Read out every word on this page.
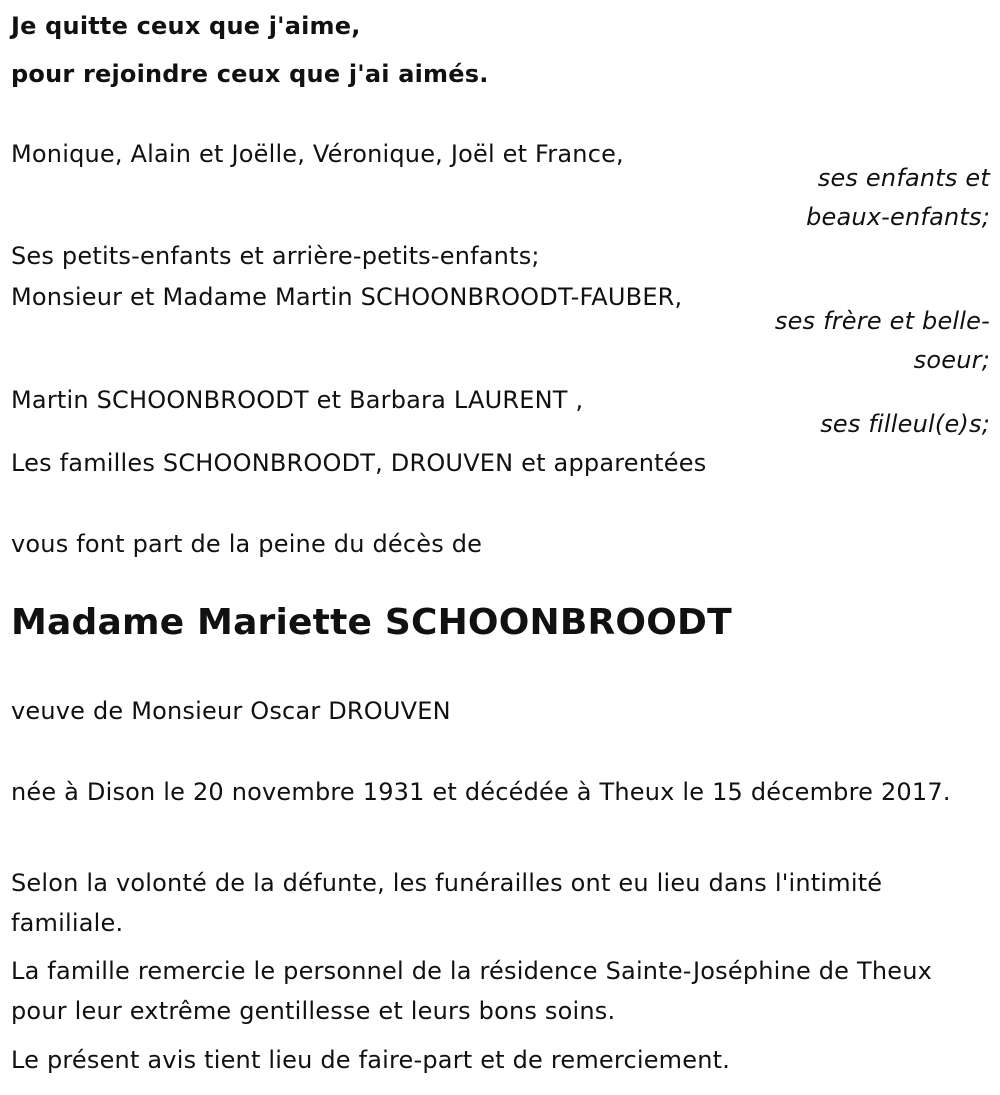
Je quitte ceux que j'aime,
pour rejoindre ceux que j'ai aimés.
Monique, Alain et Joëlle, Véronique, Joël et France,
ses enfants et
beaux-enfants;
Ses petits-enfants et arrière-petits-enfants;
Monsieur et Madame Martin SCHOONBROODT-FAUBER,
ses frère et belle-
soeur;
Martin SCHOONBROODT et Barbara LAURENT ,
ses filleul(e)s;
Les familles SCHOONBROODT, DROUVEN et apparentées
vous font part de la peine du décès de
Madame Mariette SCHOONBROODT
veuve de Monsieur Oscar DROUVEN
née à Dison le 20 novembre 1931 et décédée à Theux le 15 décembre 2017.
Selon la volonté de la défunte, les funérailles ont eu lieu dans l'intimité familiale.
La famille remercie le personnel de la résidence Sainte-Joséphine de Theux pour leur extrême gentillesse et leurs bons soins.
Le présent avis tient lieu de faire-part et de remerciement.
